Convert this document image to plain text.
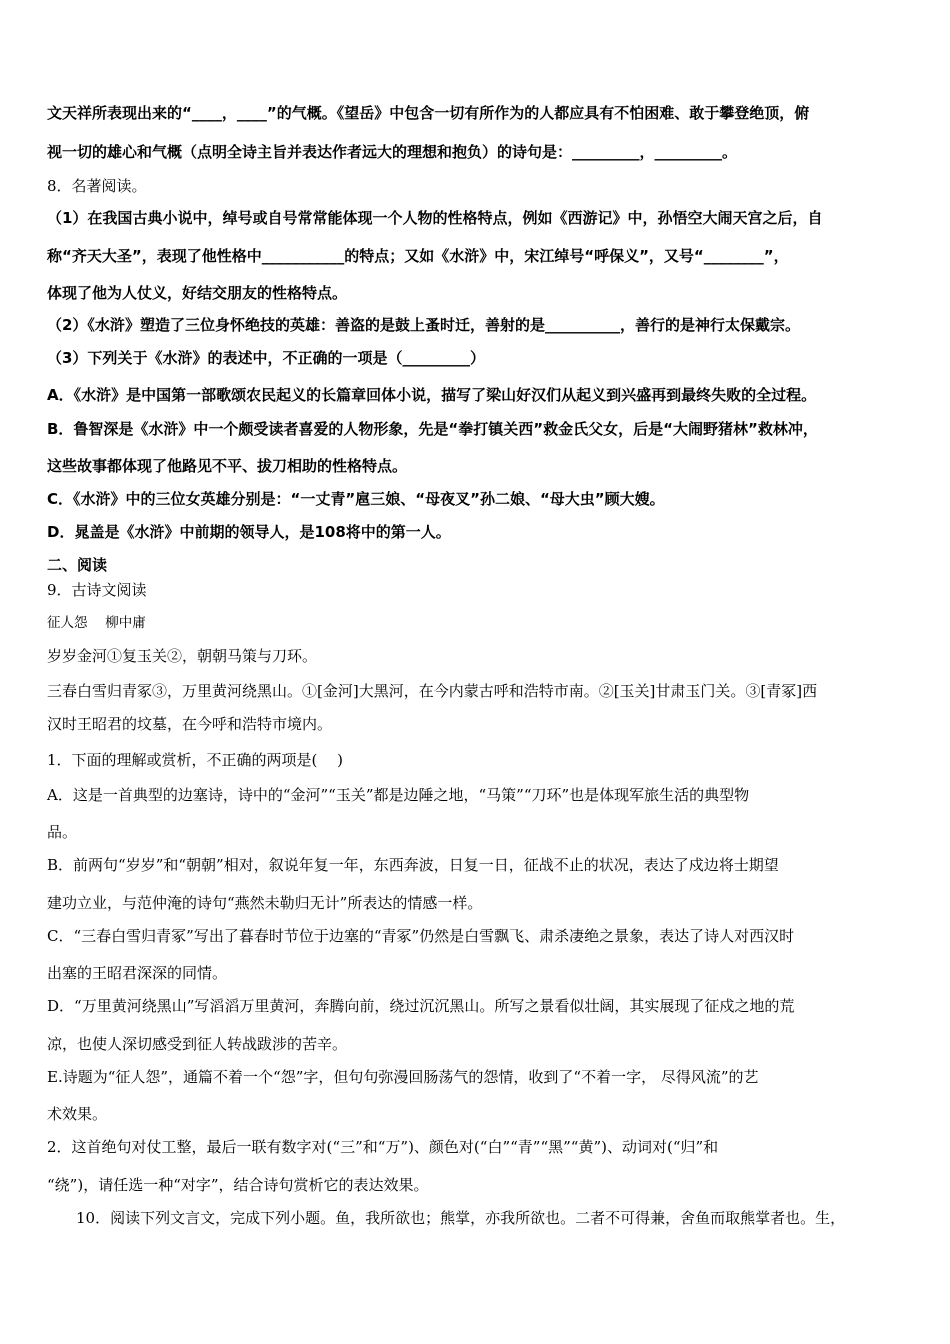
文天祥所表现出来的“____，____”的气概。《望岳》中包含一切有所作为的人都应具有不怕困难、敢于攀登绝顶，俯
视一切的雄心和气概（点明全诗主旨并表达作者远大的理想和抱负）的诗句是：_________，_________。
8．名著阅读。
（1）在我国古典小说中，绰号或自号常常能体现一个人物的性格特点，例如《西游记》中，孙悟空大闹天宫之后，自
称“齐天大圣”，表现了他性格中___________的特点；又如《水浒》中，宋江绰号“呼保义”，又号“________”，
体现了他为人仗义，好结交朋友的性格特点。
（2）《水浒》塑造了三位身怀绝技的英雄：善盗的是鼓上蚤时迁，善射的是__________，善行的是神行太保戴宗。
（3）下列关于《水浒》的表述中，不正确的一项是（_________）
A．《水浒》是中国第一部歌颂农民起义的长篇章回体小说，描写了梁山好汉们从起义到兴盛再到最终失败的全过程。
B．鲁智深是《水浒》中一个颇受读者喜爱的人物形象，先是“拳打镇关西”救金氏父女，后是“大闹野猪林”救林冲，
这些故事都体现了他路见不平、拔刀相助的性格特点。
C．《水浒》中的三位女英雄分别是：“一丈青”扈三娘、“母夜叉”孙二娘、“母大虫”顾大嫂。
D．晁盖是《水浒》中前期的领导人，是108将中的第一人。
二、阅读
9．古诗文阅读
征人怨　 柳中庸
岁岁金河①复玉关②，朝朝马策与刀环。
三春白雪归青冢③，万里黄河绕黑山。①[金河]大黑河，在今内蒙古呼和浩特市南。②[玉关]甘肃玉门关。③[青冢]西
汉时王昭君的坟墓，在今呼和浩特市境内。
1．下面的理解或赏析，不正确的两项是(　 )
A．这是一首典型的边塞诗，诗中的“金河”“玉关”都是边陲之地，“马策”“刀环”也是体现军旅生活的典型物
品。
B．前两句“岁岁”和“朝朝”相对，叙说年复一年，东西奔波，日复一日，征战不止的状况，表达了戍边将士期望
建功立业，与范仲淹的诗句“燕然未勒归无计”所表达的情感一样。
C．“三春白雪归青冢”写出了暮春时节位于边塞的“青冢”仍然是白雪飘飞、肃杀凄绝之景象，表达了诗人对西汉时
出塞的王昭君深深的同情。
D．“万里黄河绕黑山”写滔滔万里黄河，奔腾向前，绕过沉沉黑山。所写之景看似壮阔，其实展现了征戍之地的荒
凉，也使人深切感受到征人转战跋涉的苦辛。
E.诗题为“征人怨”，通篇不着一个“怨”字，但句句弥漫回肠荡气的怨情，收到了“不着一字， 尽得风流”的艺
术效果。
2．这首绝句对仗工整，最后一联有数字对(“三”和“万”)、颜色对(“白”“青”“黑”“黄”)、动词对(“归”和
“绕”)，请任选一种“对字”，结合诗句赏析它的表达效果。
10．阅读下列文言文，完成下列小题。鱼，我所欲也；熊掌，亦我所欲也。二者不可得兼，舍鱼而取熊掌者也。生，
